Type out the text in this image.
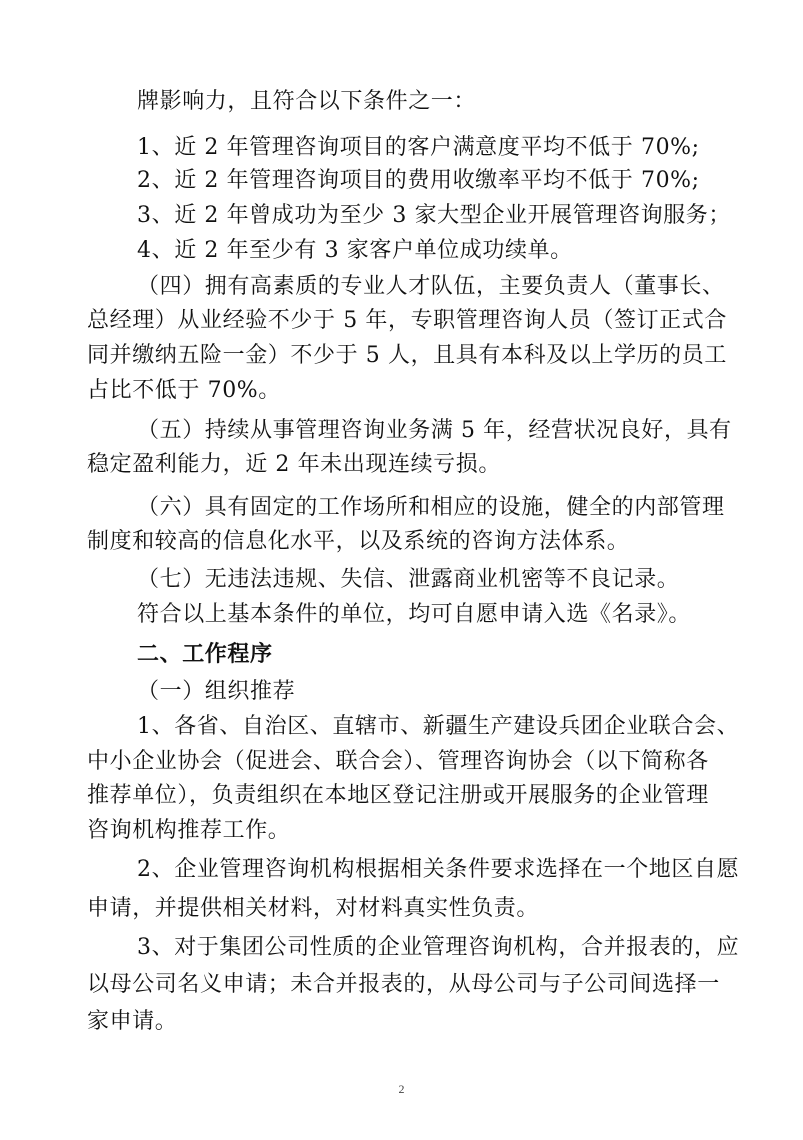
牌影响力，且符合以下条件之一：
1、近 2 年管理咨询项目的客户满意度平均不低于 70%;
2、近 2 年管理咨询项目的费用收缴率平均不低于 70%;
3、近 2 年曾成功为至少 3 家大型企业开展管理咨询服务；
4、近 2 年至少有 3 家客户单位成功续单。
（四）拥有高素质的专业人才队伍，主要负责人（董事长、
总经理）从业经验不少于 5 年，专职管理咨询人员（签订正式合
同并缴纳五险一金）不少于 5 人，且具有本科及以上学历的员工
占比不低于 70%。
（五）持续从事管理咨询业务满 5 年，经营状况良好，具有
稳定盈利能力，近 2 年未出现连续亏损。
（六）具有固定的工作场所和相应的设施，健全的内部管理
制度和较高的信息化水平，以及系统的咨询方法体系。
（七）无违法违规、失信、泄露商业机密等不良记录。
符合以上基本条件的单位，均可自愿申请入选《名录》。
二、工作程序
（一）组织推荐
1、各省、自治区、直辖市、新疆生产建设兵团企业联合会、
中小企业协会（促进会、联合会）、管理咨询协会（以下简称各
推荐单位），负责组织在本地区登记注册或开展服务的企业管理
咨询机构推荐工作。
2、企业管理咨询机构根据相关条件要求选择在一个地区自愿
申请，并提供相关材料，对材料真实性负责。
3、对于集团公司性质的企业管理咨询机构，合并报表的，应
以母公司名义申请；未合并报表的，从母公司与子公司间选择一
家申请。
2
